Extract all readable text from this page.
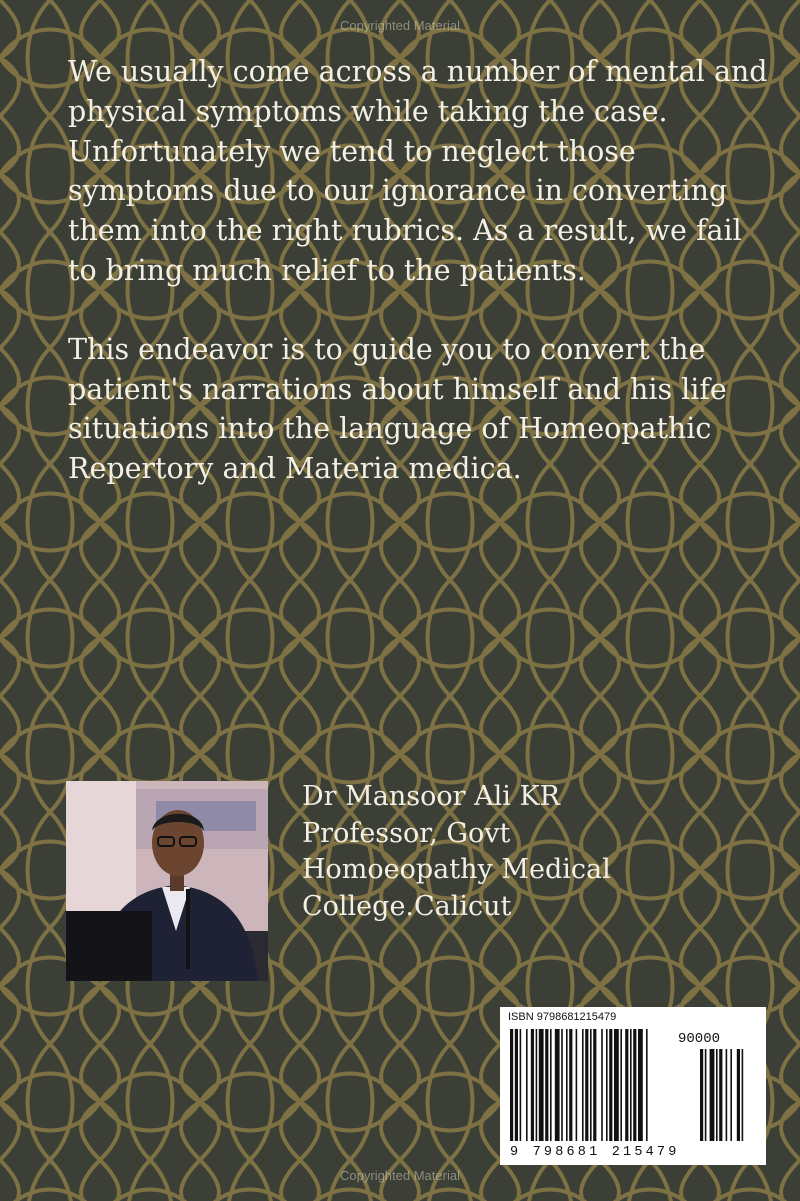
Copyrighted Material

We usually come across a number of mental and physical symptoms while taking the case. Unfortunately we tend to neglect those symptoms due to our ignorance in converting them into the right rubrics. As a result, we fail to bring much relief to the patients.

This endeavor is to guide you to convert the patient's narrations about himself and his life situations into the language of Homeopathic Repertory and Materia medica.

Dr Mansoor Ali KR
Professor, Govt
Homoeopathy Medical
College.Calicut
ISBN 9798681215479
90000
9 798681 215479
Copyrighted Material
